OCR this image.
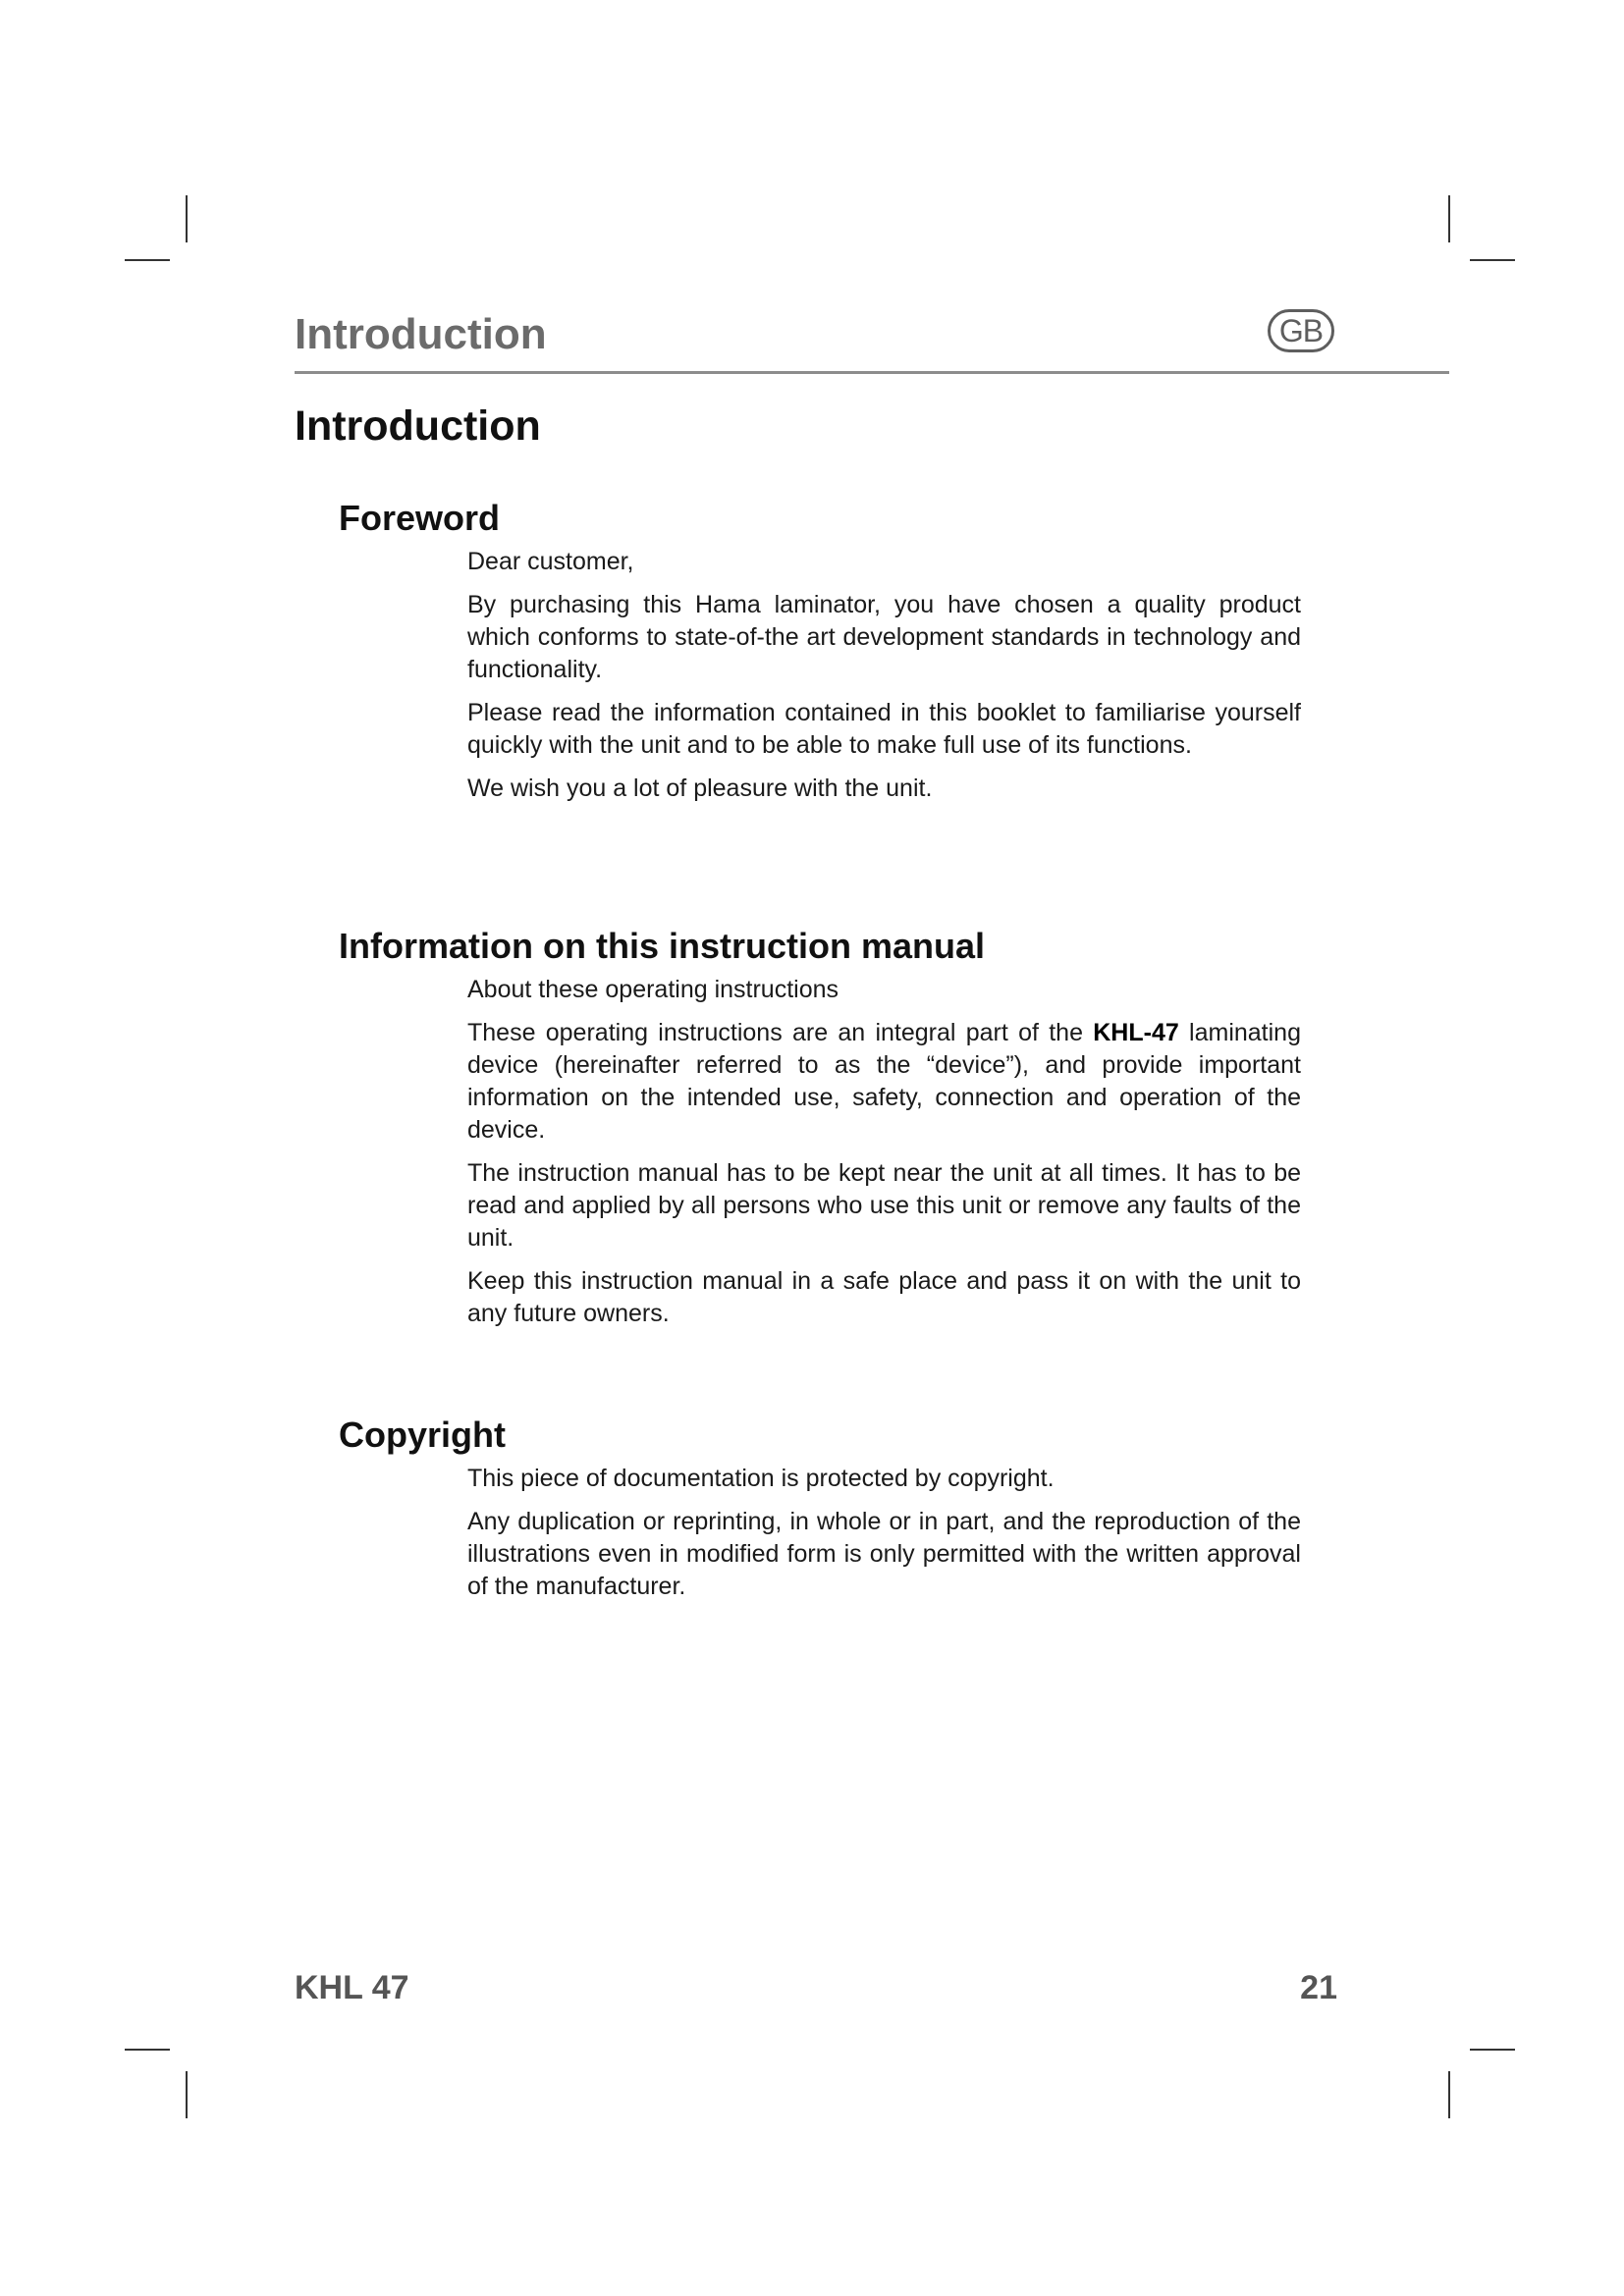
Introduction	GB
Introduction
Foreword

Dear customer,

By purchasing this Hama laminator, you have chosen a quality product which conforms to state-of-the art development standards in technology and functionality.

Please read the information contained in this booklet to familiarise yourself quickly with the unit and to be able to make full use of its functions.

We wish you a lot of pleasure with the unit.

Information on this instruction manual

About these operating instructions

These operating instructions are an integral part of the KHL-47 laminating device (hereinafter referred to as the “device”), and provide important information on the intended use, safety, connection and operation of the device.

The instruction manual has to be kept near the unit at all times. It has to be read and applied by all persons who use this unit or remove any faults of the unit.

Keep this instruction manual in a safe place and pass it on with the unit to any future owners.

Copyright

This piece of documentation is protected by copyright.

Any duplication or reprinting, in whole or in part, and the reproduction of the illustrations even in modified form is only permitted with the written approval of the manufacturer.

KHL 47	21
